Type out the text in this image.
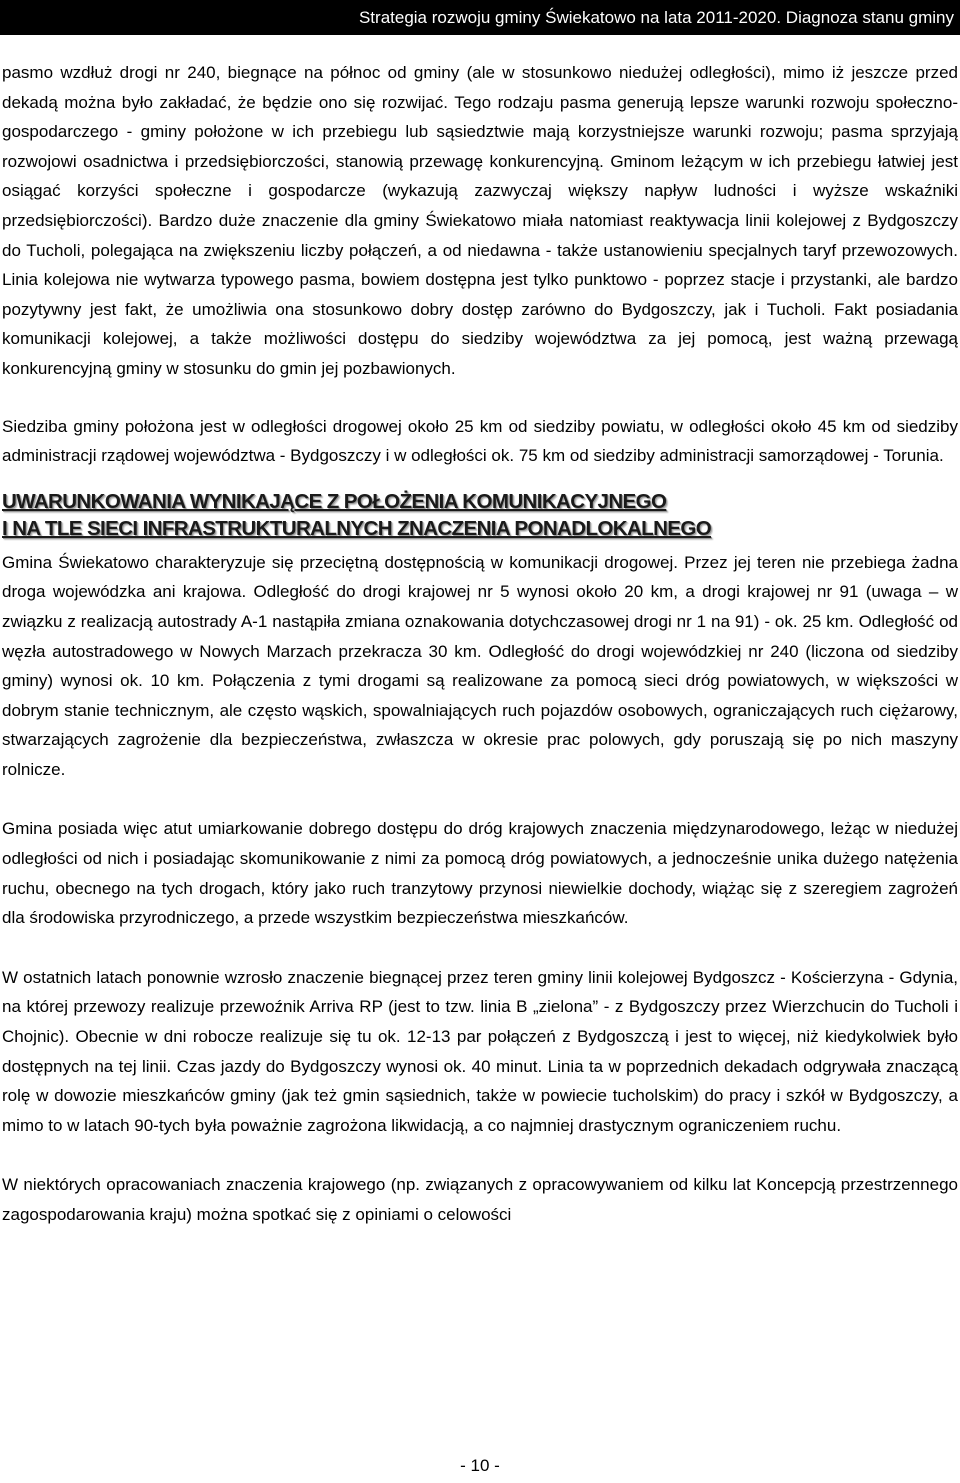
Strategia rozwoju gminy Świekatowo na lata 2011-2020. Diagnoza stanu gminy

pasmo wzdłuż drogi nr 240, biegnące na północ od gminy (ale w stosunkowo niedużej odległości), mimo iż jeszcze przed dekadą można było zakładać, że będzie ono się rozwijać. Tego rodzaju pasma generują lepsze warunki rozwoju społeczno-gospodarczego - gminy położone w ich przebiegu lub sąsiedztwie mają korzystniejsze warunki rozwoju; pasma sprzyjają rozwojowi osadnictwa i przedsiębiorczości, stanowią przewagę konkurencyjną. Gminom leżącym w ich przebiegu łatwiej jest osiągać korzyści społeczne i gospodarcze (wykazują zazwyczaj większy napływ ludności i wyższe wskaźniki przedsiębiorczości). Bardzo duże znaczenie dla gminy Świekatowo miała natomiast reaktywacja linii kolejowej z Bydgoszczy do Tucholi, polegająca na zwiększeniu liczby połączeń, a od niedawna - także ustanowieniu specjalnych taryf przewozowych. Linia kolejowa nie wytwarza typowego pasma, bowiem dostępna jest tylko punktowo - poprzez stacje i przystanki, ale bardzo pozytywny jest fakt, że umożliwia ona stosunkowo dobry dostęp zarówno do Bydgoszczy, jak i Tucholi. Fakt posiadania komunikacji kolejowej, a także możliwości dostępu do siedziby województwa za jej pomocą, jest ważną przewagą konkurencyjną gminy w stosunku do gmin jej pozbawionych.

Siedziba gminy położona jest w odległości drogowej około 25 km od siedziby powiatu, w odległości około 45 km od siedziby administracji rządowej województwa - Bydgoszczy i w odległości ok. 75 km od siedziby administracji samorządowej - Torunia.

UWARUNKOWANIA WYNIKAJĄCE Z POŁOŻENIA KOMUNIKACYJNEGO
I NA TLE SIECI INFRASTRUKTURALNYCH ZNACZENIA PONADLOKALNEGO

Gmina Świekatowo charakteryzuje się przeciętną dostępnością w komunikacji drogowej. Przez jej teren nie przebiega żadna droga wojewódzka ani krajowa. Odległość do drogi krajowej nr 5 wynosi około 20 km, a drogi krajowej nr 91 (uwaga – w związku z realizacją autostrady A-1 nastąpiła zmiana oznakowania dotychczasowej drogi nr 1 na 91) - ok. 25 km. Odległość od węzła autostradowego w Nowych Marzach przekracza 30 km. Odległość do drogi wojewódzkiej nr 240 (liczona od siedziby gminy) wynosi ok. 10 km. Połączenia z tymi drogami są realizowane za pomocą sieci dróg powiatowych, w większości w dobrym stanie technicznym, ale często wąskich, spowalniających ruch pojazdów osobowych, ograniczających ruch ciężarowy, stwarzających zagrożenie dla bezpieczeństwa, zwłaszcza w okresie prac polowych, gdy poruszają się po nich maszyny rolnicze.

Gmina posiada więc atut umiarkowanie dobrego dostępu do dróg krajowych znaczenia międzynarodowego, leżąc w niedużej odległości od nich i posiadając skomunikowanie z nimi za pomocą dróg powiatowych, a jednocześnie unika dużego natężenia ruchu, obecnego na tych drogach, który jako ruch tranzytowy przynosi niewielkie dochody, wiążąc się z szeregiem zagrożeń dla środowiska przyrodniczego, a przede wszystkim bezpieczeństwa mieszkańców.

W ostatnich latach ponownie wzrosło znaczenie biegnącej przez teren gminy linii kolejowej Bydgoszcz - Kościerzyna - Gdynia, na której przewozy realizuje przewoźnik Arriva RP (jest to tzw. linia B „zielona” - z Bydgoszczy przez Wierzchucin do Tucholi i Chojnic). Obecnie w dni robocze realizuje się tu ok. 12-13 par połączeń z Bydgoszczą i jest to więcej, niż kiedykolwiek było dostępnych na tej linii. Czas jazdy do Bydgoszczy wynosi ok. 40 minut. Linia ta w poprzednich dekadach odgrywała znaczącą rolę w dowozie mieszkańców gminy (jak też gmin sąsiednich, także w powiecie tucholskim) do pracy i szkół w Bydgoszczy, a mimo to w latach 90-tych była poważnie zagrożona likwidacją, a co najmniej drastycznym ograniczeniem ruchu.

W niektórych opracowaniach znaczenia krajowego (np. związanych z opracowywaniem od kilku lat Koncepcją przestrzennego zagospodarowania kraju) można spotkać się z opiniami o celowości

- 10 -
